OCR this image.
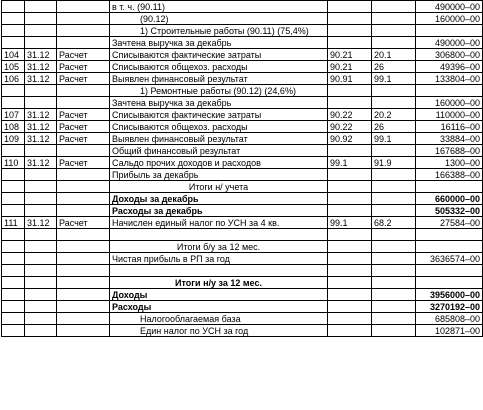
			в т. ч. (90.11)			490000–00
			(90.12)			160000–00
			1) Строительные работы (90.11) (75,4%)			
			Зачтена выручка за декабрь			490000–00
104	31.12	Расчет	Списываются фактические затраты	90.21	20.1	306800–00
105	31.12	Расчет	Списываются общехоз. расходы	90.21	26	49396–00
106	31.12	Расчет	Выявлен финансовый результат	90.91	99.1	133804–00
			1) Ремонтные работы (90.12) (24,6%)			
			Зачтена выручка за декабрь			160000–00
107	31.12	Расчет	Списываются фактические затраты	90.22	20.2	110000–00
108	31.12	Расчет	Списываются общехоз. расходы	90.22	26	16116–00
109	31.12	Расчет	Выявлен финансовый результат	90.92	99.1	33884–00
			Общий финансовый результат			167688–00
110	31.12	Расчет	Сальдо прочих доходов и расходов	99.1	91.9	1300–00
			Прибыль за декабрь			166388–00
			Итоги н/ учета			
			Доходы за декабрь			660000–00
			Расходы за декабрь			505332–00
111	31.12	Расчет	Начислен единый налог по УСН за 4 кв.	99.1	68.2	27584–00

			Итоги б/у за 12 мес.			
			Чистая прибыль в РП за год			3636574–00

			Итоги н/у за 12 мес.			
			Доходы			3956000–00
			Расходы			3270192–00
			Налогооблагаемая база			685808–00
			Един налог по УСН за год			102871–00
